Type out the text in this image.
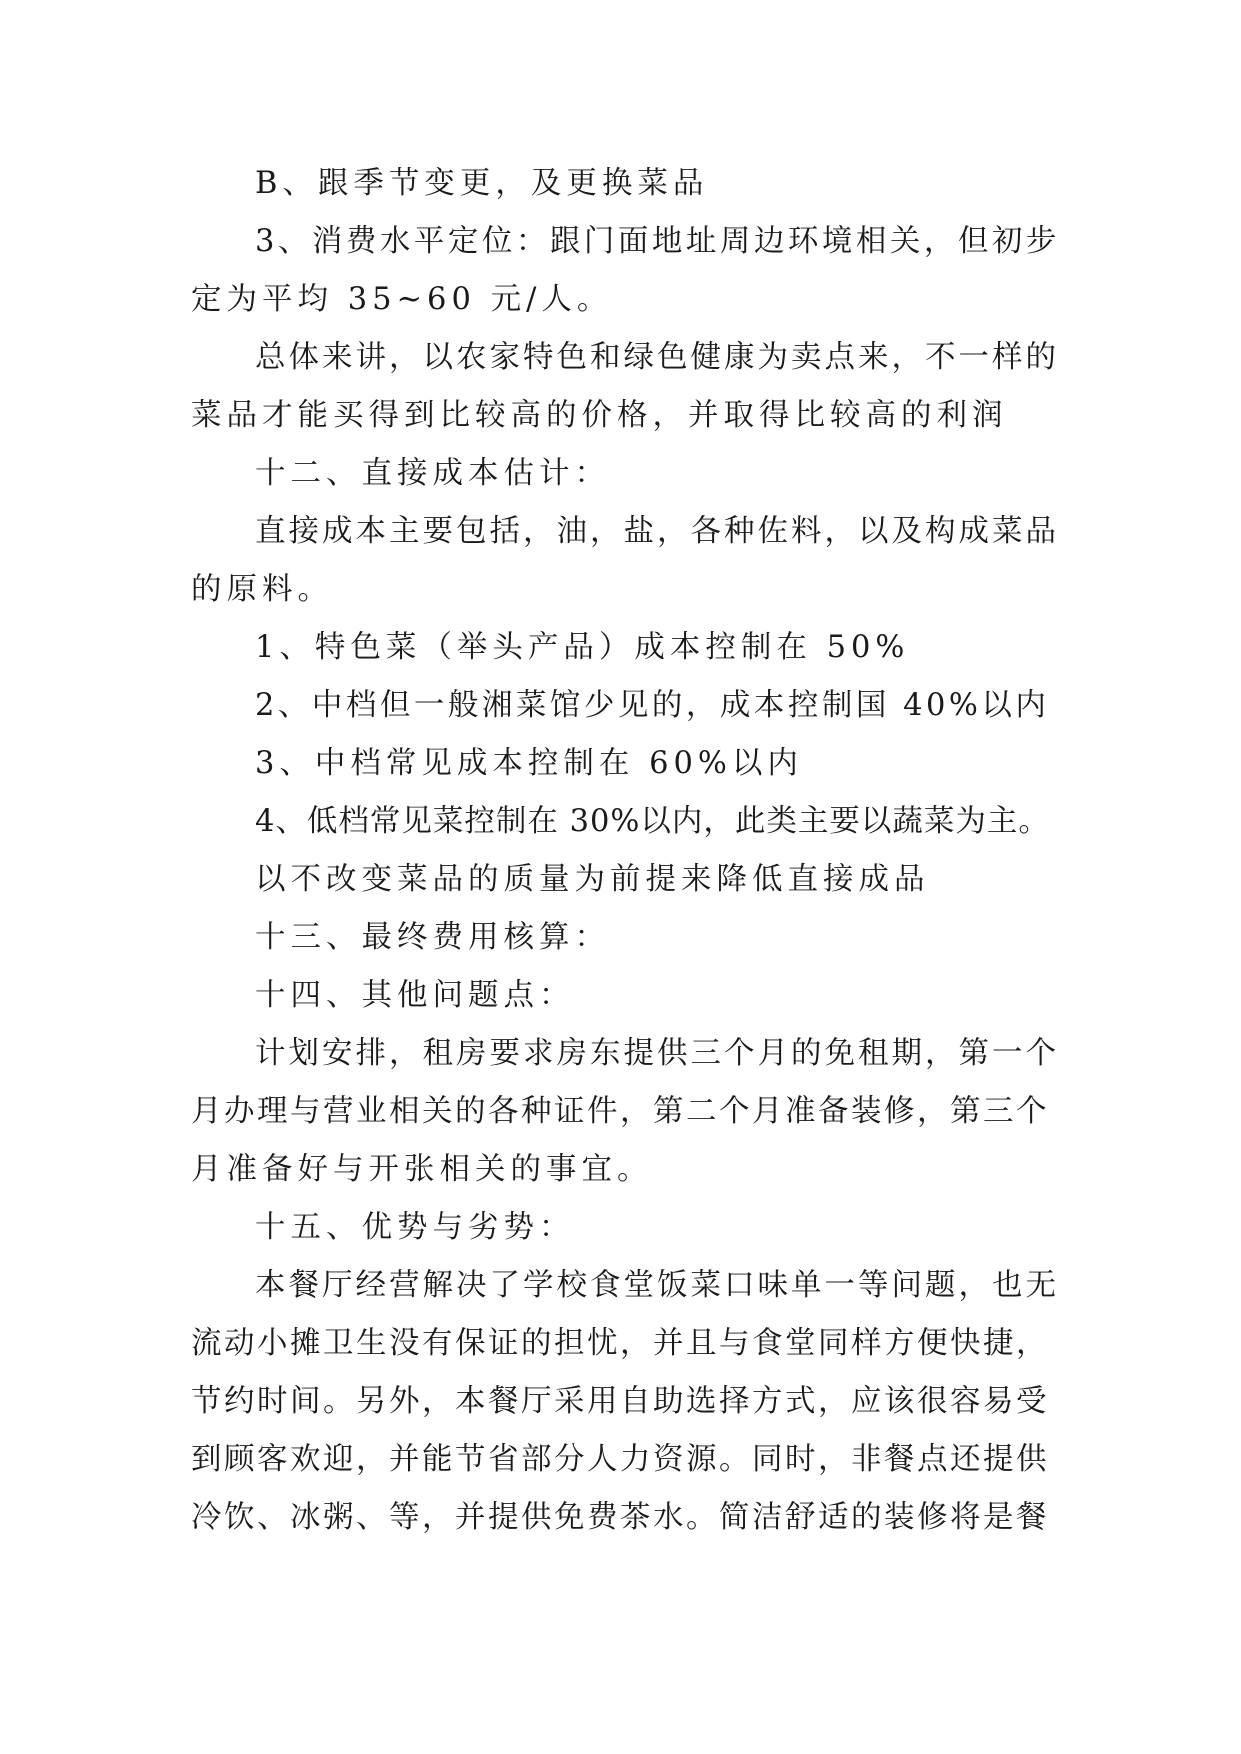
B、跟季节变更，及更换菜品
3、消费水平定位：跟门面地址周边环境相关，但初步
定为平均 35~60 元/人。
总体来讲，以农家特色和绿色健康为卖点来，不一样的
菜品才能买得到比较高的价格，并取得比较高的利润
十二、直接成本估计：
直接成本主要包括，油，盐，各种佐料，以及构成菜品
的原料。
1、特色菜（举头产品）成本控制在 50%
2、中档但一般湘菜馆少见的，成本控制国 40%以内
3、中档常见成本控制在 60%以内
4、低档常见菜控制在 30%以内，此类主要以蔬菜为主。
以不改变菜品的质量为前提来降低直接成品
十三、最终费用核算：
十四、其他问题点：
计划安排，租房要求房东提供三个月的免租期，第一个
月办理与营业相关的各种证件，第二个月准备装修，第三个
月准备好与开张相关的事宜。
十五、优势与劣势：
本餐厅经营解决了学校食堂饭菜口味单一等问题，也无
流动小摊卫生没有保证的担忧，并且与食堂同样方便快捷，
节约时间。另外，本餐厅采用自助选择方式，应该很容易受
到顾客欢迎，并能节省部分人力资源。同时，非餐点还提供
冷饮、冰粥、等，并提供免费茶水。简洁舒适的装修将是餐
